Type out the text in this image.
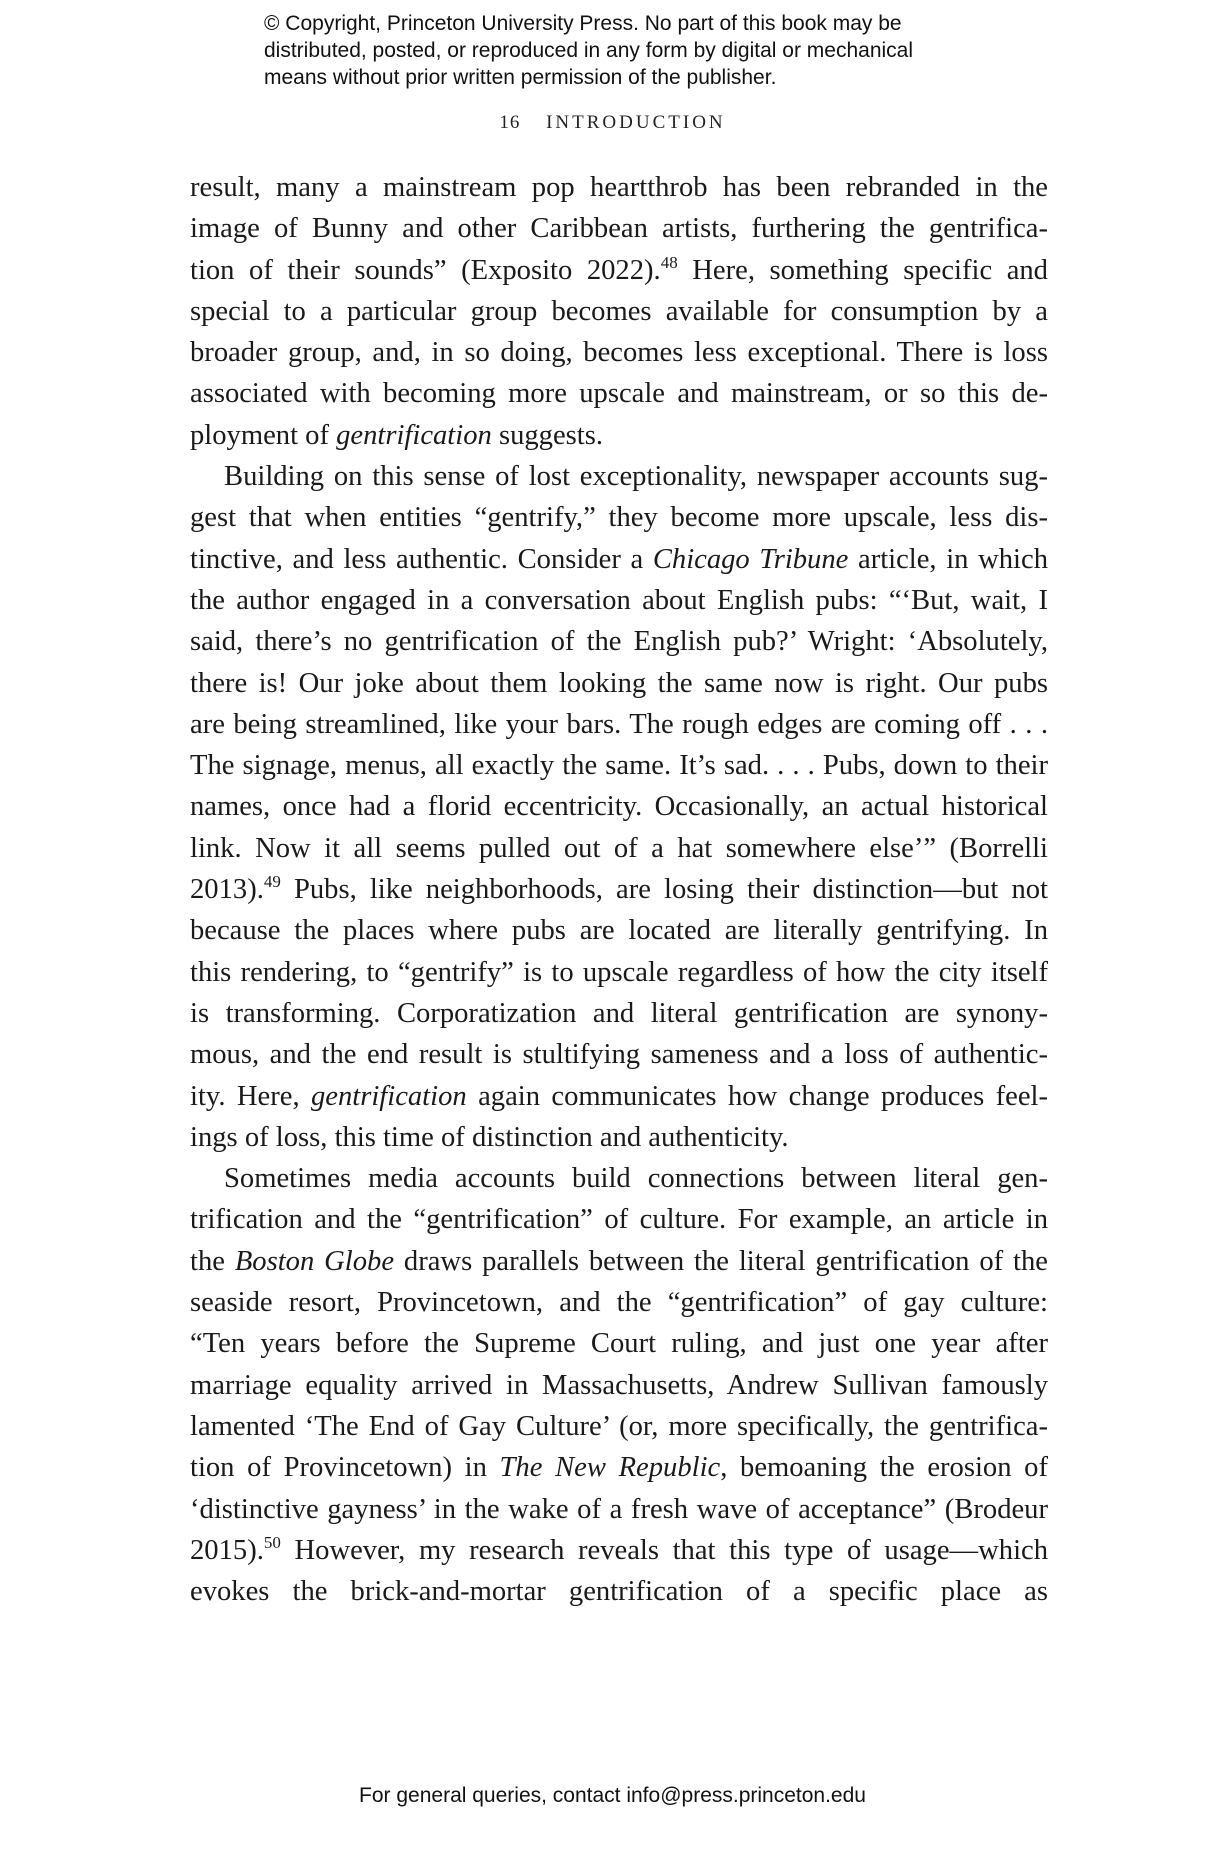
© Copyright, Princeton University Press. No part of this book may be
distributed, posted, or reproduced in any form by digital or mechanical
means without prior written permission of the publisher.
16 INTRODUCTION
result, many a mainstream pop heartthrob has been rebranded in the
image of Bunny and other Caribbean artists, furthering the gentrifica-
tion of their sounds” (Exposito 2022).$^{48}$ Here, something specific and
special to a particular group becomes available for consumption by a
broader group, and, in so doing, becomes less exceptional. There is loss
associated with becoming more upscale and mainstream, or so this de-
ployment of gentrification suggests.
Building on this sense of lost exceptionality, newspaper accounts sug-
gest that when entities “gentrify,” they become more upscale, less dis-
tinctive, and less authentic. Consider a Chicago Tribune article, in which
the author engaged in a conversation about English pubs: “‘But, wait, I
said, there’s no gentrification of the English pub?’ Wright: ‘Absolutely,
there is! Our joke about them looking the same now is right. Our pubs
are being streamlined, like your bars. The rough edges are coming off . . .
The signage, menus, all exactly the same. It’s sad. . . . Pubs, down to their
names, once had a florid eccentricity. Occasionally, an actual historical
link. Now it all seems pulled out of a hat somewhere else’” (Borrelli
2013).$^{49}$ Pubs, like neighborhoods, are losing their distinction—but not
because the places where pubs are located are literally gentrifying. In
this rendering, to “gentrify” is to upscale regardless of how the city itself
is transforming. Corporatization and literal gentrification are synony-
mous, and the end result is stultifying sameness and a loss of authentic-
ity. Here, gentrification again communicates how change produces feel-
ings of loss, this time of distinction and authenticity.
Sometimes media accounts build connections between literal gen-
trification and the “gentrification” of culture. For example, an article in
the Boston Globe draws parallels between the literal gentrification of the
seaside resort, Provincetown, and the “gentrification” of gay culture:
“Ten years before the Supreme Court ruling, and just one year after
marriage equality arrived in Massachusetts, Andrew Sullivan famously
lamented ‘The End of Gay Culture’ (or, more specifically, the gentrifica-
tion of Provincetown) in The New Republic, bemoaning the erosion of
‘distinctive gayness’ in the wake of a fresh wave of acceptance” (Brodeur
2015).$^{50}$ However, my research reveals that this type of usage—which
evokes the brick-and-mortar gentrification of a specific place as
For general queries, contact info@press.princeton.edu
